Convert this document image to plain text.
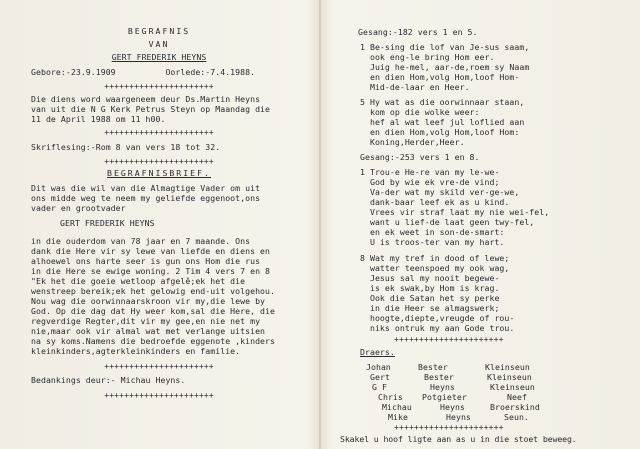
BEGRAFNIS
VAN
GERT FREDERIK HEYNS
Gebore:-23.9.1909          Oorlede:-7.4.1988.
++++++++++++++++++++++
Die diens word waargeneem deur Ds.Martin Heyns
van uit die N G Kerk Petrus Steyn op Maandag die
11 de April 1988 om 11 h00.
++++++++++++++++++++++
Skriflesing:-Rom 8 van vers 18 tot 32.
++++++++++++++++++++++
BEGRAFNISBRIEF.
Dit was die wil van die Almagtige Vader om uit
ons midde weg te neem my geliefde eggenoot,ons
vader en grootvader
GERT FREDERIK HEYNS
in die ouderdom van 78 jaar en 7 maande. Ons
dank die Here vir sy lewe van liefde en diens en
alhoewel ons harte seer is gun ons Hom die rus
in die Here se ewige woning. 2 Tim 4 vers 7 en 8
"Ek het die goeie wetloop afgelê;ek het die
wenstreep bereik;ek het gelowig end-uit volgehou.
Nou wag die oorwinnaarskroon vir my,die lewe by
God. Op die dag dat Hy weer kom,sal die Here, die
regverdige Regter,dit vir my gee,en nie net my
nie,maar ook vir almal wat met verlange uitsien
na sy koms.Namens die bedroefde eggenote ,kinders
kleinkinders,agterkleinkinders en familie.
++++++++++++++++++++++
Bedankings deur:- Michau Heyns.
++++++++++++++++++++++
Gesang:-182 vers 1 en 5.
1 Be-sing die lof van Je-sus saam,
ook eng-le bring Hom eer.
Juig he-mel, aar-de,roem sy Naam
en dien Hom,volg Hom,loof Hom-
Mid-de-laar en Heer.
5 Hy wat as die oorwinnaar staan,
kom op die wolke weer:
hef al wat leef jul loflied aan
en dien Hom,volg Hom,loof Hom:
Koning,Herder,Heer.
Gesang:-253 vers 1 en 8.
1 Trou-e He-re van my le-we-
God by wie ek vre-de vind;
Va-der wat my skild ver-ge-we,
dank-baar leef ek as u kind.
Vrees vir straf laat my nie wei-fel,
want u lief-de laat geen twy-fel,
en ek weet in son-de-smart:
U is troos-ter van my hart.
8 Wat my tref in dood of lewe;
watter teenspoed my ook wag,
Jesus sal my nooit begewe-
is ek swak,by Hom is krag.
Ook die Satan het sy perke
in die Heer se almagswerk;
hoogte,diepte,vreugde of rou-
niks ontruk my aan Gode trou.
++++++++++++++++++++++
Draers.
Johan	Bester	Kleinseun
Gert	Bester	Kleinseun
G F	Heyns	Kleinseun
Chris Potgieter	Neef
Michau	Heyns	Broerskind
Mike	Heyns	Seun.
++++++++++++++++++++++
Skakel u hoof ligte aan as u in die stoet beweeg.
